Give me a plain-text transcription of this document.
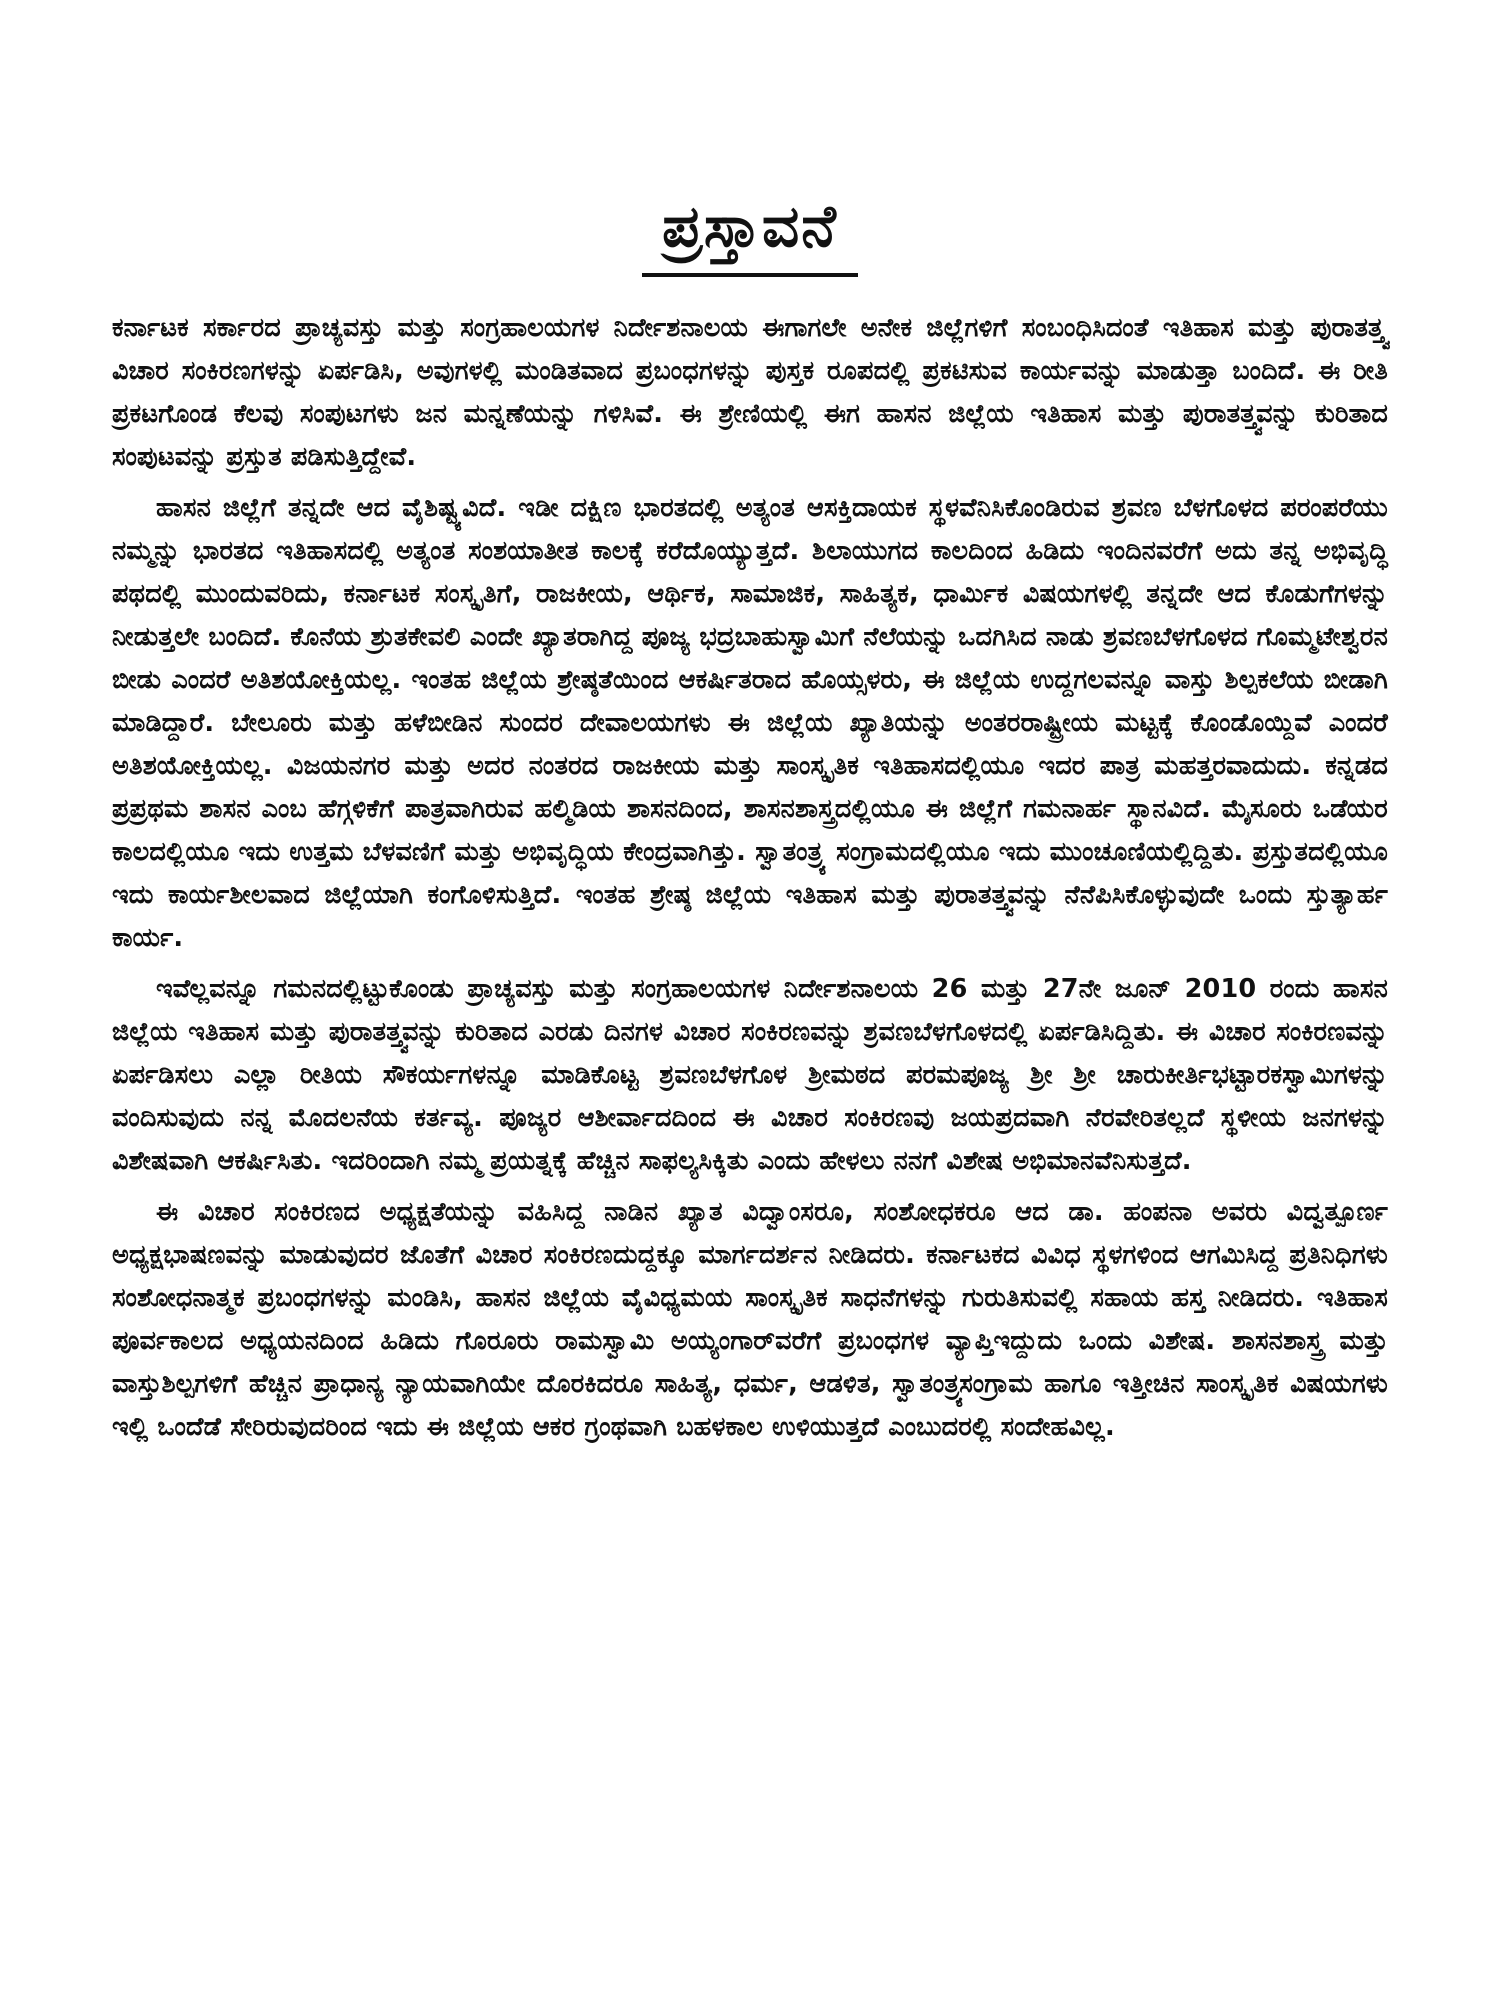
ಪ್ರಸ್ತಾವನೆ

ಕರ್ನಾಟಕ ಸರ್ಕಾರದ ಪ್ರಾಚ್ಯವಸ್ತು ಮತ್ತು ಸಂಗ್ರಹಾಲಯಗಳ ನಿರ್ದೇಶನಾಲಯ ಈಗಾಗಲೇ ಅನೇಕ ಜಿಲ್ಲೆಗಳಿಗೆ ಸಂಬಂಧಿಸಿದಂತೆ ಇತಿಹಾಸ ಮತ್ತು ಪುರಾತತ್ತ್ವ ವಿಚಾರ ಸಂಕಿರಣಗಳನ್ನು ಏರ್ಪಡಿಸಿ, ಅವುಗಳಲ್ಲಿ ಮಂಡಿತವಾದ ಪ್ರಬಂಧಗಳನ್ನು ಪುಸ್ತಕ ರೂಪದಲ್ಲಿ ಪ್ರಕಟಿಸುವ ಕಾರ್ಯವನ್ನು ಮಾಡುತ್ತಾ ಬಂದಿದೆ. ಈ ರೀತಿ ಪ್ರಕಟಗೊಂಡ ಕೆಲವು ಸಂಪುಟಗಳು ಜನ ಮನ್ನಣೆಯನ್ನು ಗಳಿಸಿವೆ. ಈ ಶ್ರೇಣಿಯಲ್ಲಿ ಈಗ ಹಾಸನ ಜಿಲ್ಲೆಯ ಇತಿಹಾಸ ಮತ್ತು ಪುರಾತತ್ತ್ವವನ್ನು ಕುರಿತಾದ ಸಂಪುಟವನ್ನು ಪ್ರಸ್ತುತ ಪಡಿಸುತ್ತಿದ್ದೇವೆ.

ಹಾಸನ ಜಿಲ್ಲೆಗೆ ತನ್ನದೇ ಆದ ವೈಶಿಷ್ಟ್ಯವಿದೆ. ಇಡೀ ದಕ್ಷಿಣ ಭಾರತದಲ್ಲಿ ಅತ್ಯಂತ ಆಸಕ್ತಿದಾಯಕ ಸ್ಥಳವೆನಿಸಿಕೊಂಡಿರುವ ಶ್ರವಣ ಬೆಳಗೊಳದ ಪರಂಪರೆಯು ನಮ್ಮನ್ನು ಭಾರತದ ಇತಿಹಾಸದಲ್ಲಿ ಅತ್ಯಂತ ಸಂಶಯಾತೀತ ಕಾಲಕ್ಕೆ ಕರೆದೊಯ್ಯುತ್ತದೆ. ಶಿಲಾಯುಗದ ಕಾಲದಿಂದ ಹಿಡಿದು ಇಂದಿನವರೆಗೆ ಅದು ತನ್ನ ಅಭಿವೃದ್ಧಿ ಪಥದಲ್ಲಿ ಮುಂದುವರಿದು, ಕರ್ನಾಟಕ ಸಂಸ್ಕೃತಿಗೆ, ರಾಜಕೀಯ, ಆರ್ಥಿಕ, ಸಾಮಾಜಿಕ, ಸಾಹಿತ್ಯಕ, ಧಾರ್ಮಿಕ ವಿಷಯಗಳಲ್ಲಿ ತನ್ನದೇ ಆದ ಕೊಡುಗೆಗಳನ್ನು ನೀಡುತ್ತಲೇ ಬಂದಿದೆ. ಕೊನೆಯ ಶ್ರುತಕೇವಲಿ ಎಂದೇ ಖ್ಯಾತರಾಗಿದ್ದ ಪೂಜ್ಯ ಭದ್ರಬಾಹುಸ್ವಾಮಿಗೆ ನೆಲೆಯನ್ನು ಒದಗಿಸಿದ ನಾಡು ಶ್ರವಣಬೆಳಗೊಳದ ಗೊಮ್ಮಟೇಶ್ವರನ ಬೀಡು ಎಂದರೆ ಅತಿಶಯೋಕ್ತಿಯಲ್ಲ. ಇಂತಹ ಜಿಲ್ಲೆಯ ಶ್ರೇಷ್ಠತೆಯಿಂದ ಆಕರ್ಷಿತರಾದ ಹೊಯ್ಸಳರು, ಈ ಜಿಲ್ಲೆಯ ಉದ್ದಗಲವನ್ನೂ ವಾಸ್ತು ಶಿಲ್ಪಕಲೆಯ ಬೀಡಾಗಿ ಮಾಡಿದ್ದಾರೆ. ಬೇಲೂರು ಮತ್ತು ಹಳೆಬೀಡಿನ ಸುಂದರ ದೇವಾಲಯಗಳು ಈ ಜಿಲ್ಲೆಯ ಖ್ಯಾತಿಯನ್ನು ಅಂತರರಾಷ್ಟ್ರೀಯ ಮಟ್ಟಕ್ಕೆ ಕೊಂಡೊಯ್ದಿವೆ ಎಂದರೆ ಅತಿಶಯೋಕ್ತಿಯಲ್ಲ. ವಿಜಯನಗರ ಮತ್ತು ಅದರ ನಂತರದ ರಾಜಕೀಯ ಮತ್ತು ಸಾಂಸ್ಕೃತಿಕ ಇತಿಹಾಸದಲ್ಲಿಯೂ ಇದರ ಪಾತ್ರ ಮಹತ್ತರವಾದುದು. ಕನ್ನಡದ ಪ್ರಪ್ರಥಮ ಶಾಸನ ಎಂಬ ಹೆಗ್ಗಳಿಕೆಗೆ ಪಾತ್ರವಾಗಿರುವ ಹಲ್ಮಿಡಿಯ ಶಾಸನದಿಂದ, ಶಾಸನಶಾಸ್ತ್ರದಲ್ಲಿಯೂ ಈ ಜಿಲ್ಲೆಗೆ ಗಮನಾರ್ಹ ಸ್ಥಾನವಿದೆ. ಮೈಸೂರು ಒಡೆಯರ ಕಾಲದಲ್ಲಿಯೂ ಇದು ಉತ್ತಮ ಬೆಳವಣಿಗೆ ಮತ್ತು ಅಭಿವೃದ್ಧಿಯ ಕೇಂದ್ರವಾಗಿತ್ತು. ಸ್ವಾತಂತ್ರ್ಯ ಸಂಗ್ರಾಮದಲ್ಲಿಯೂ ಇದು ಮುಂಚೂಣಿಯಲ್ಲಿದ್ದಿತು. ಪ್ರಸ್ತುತದಲ್ಲಿಯೂ ಇದು ಕಾರ್ಯಶೀಲವಾದ ಜಿಲ್ಲೆಯಾಗಿ ಕಂಗೊಳಿಸುತ್ತಿದೆ. ಇಂತಹ ಶ್ರೇಷ್ಠ ಜಿಲ್ಲೆಯ ಇತಿಹಾಸ ಮತ್ತು ಪುರಾತತ್ತ್ವವನ್ನು ನೆನೆಪಿಸಿಕೊಳ್ಳುವುದೇ ಒಂದು ಸ್ತುತ್ಯಾರ್ಹ ಕಾರ್ಯ.

ಇವೆಲ್ಲವನ್ನೂ ಗಮನದಲ್ಲಿಟ್ಟುಕೊಂಡು ಪ್ರಾಚ್ಯವಸ್ತು ಮತ್ತು ಸಂಗ್ರಹಾಲಯಗಳ ನಿರ್ದೇಶನಾಲಯ 26 ಮತ್ತು 27ನೇ ಜೂನ್ 2010 ರಂದು ಹಾಸನ ಜಿಲ್ಲೆಯ ಇತಿಹಾಸ ಮತ್ತು ಪುರಾತತ್ತ್ವವನ್ನು ಕುರಿತಾದ ಎರಡು ದಿನಗಳ ವಿಚಾರ ಸಂಕಿರಣವನ್ನು ಶ್ರವಣಬೆಳಗೊಳದಲ್ಲಿ ಏರ್ಪಡಿಸಿದ್ದಿತು. ಈ ವಿಚಾರ ಸಂಕಿರಣವನ್ನು ಏರ್ಪಡಿಸಲು ಎಲ್ಲಾ ರೀತಿಯ ಸೌಕರ್ಯಗಳನ್ನೂ ಮಾಡಿಕೊಟ್ಟ ಶ್ರವಣಬೆಳಗೊಳ ಶ್ರೀಮಠದ ಪರಮಪೂಜ್ಯ ಶ್ರೀ ಶ್ರೀ ಚಾರುಕೀರ್ತಿಭಟ್ಟಾರಕಸ್ವಾಮಿಗಳನ್ನು ವಂದಿಸುವುದು ನನ್ನ ಮೊದಲನೆಯ ಕರ್ತವ್ಯ. ಪೂಜ್ಯರ ಆಶೀರ್ವಾದದಿಂದ ಈ ವಿಚಾರ ಸಂಕಿರಣವು ಜಯಪ್ರದವಾಗಿ ನೆರವೇರಿತಲ್ಲದೆ ಸ್ಥಳೀಯ ಜನಗಳನ್ನು ವಿಶೇಷವಾಗಿ ಆಕರ್ಷಿಸಿತು. ಇದರಿಂದಾಗಿ ನಮ್ಮ ಪ್ರಯತ್ನಕ್ಕೆ ಹೆಚ್ಚಿನ ಸಾಫಲ್ಯಸಿಕ್ಕಿತು ಎಂದು ಹೇಳಲು ನನಗೆ ವಿಶೇಷ ಅಭಿಮಾನವೆನಿಸುತ್ತದೆ.

ಈ ವಿಚಾರ ಸಂಕಿರಣದ ಅಧ್ಯಕ್ಷತೆಯನ್ನು ವಹಿಸಿದ್ದ ನಾಡಿನ ಖ್ಯಾತ ವಿದ್ವಾಂಸರೂ, ಸಂಶೋಧಕರೂ ಆದ ಡಾ. ಹಂಪನಾ ಅವರು ವಿದ್ವತ್ಪೂರ್ಣ ಅಧ್ಯಕ್ಷಭಾಷಣವನ್ನು ಮಾಡುವುದರ ಜೊತೆಗೆ ವಿಚಾರ ಸಂಕಿರಣದುದ್ದಕ್ಕೂ ಮಾರ್ಗದರ್ಶನ ನೀಡಿದರು. ಕರ್ನಾಟಕದ ವಿವಿಧ ಸ್ಥಳಗಳಿಂದ ಆಗಮಿಸಿದ್ದ ಪ್ರತಿನಿಧಿಗಳು ಸಂಶೋಧನಾತ್ಮಕ ಪ್ರಬಂಧಗಳನ್ನು ಮಂಡಿಸಿ, ಹಾಸನ ಜಿಲ್ಲೆಯ ವೈವಿಧ್ಯಮಯ ಸಾಂಸ್ಕೃತಿಕ ಸಾಧನೆಗಳನ್ನು ಗುರುತಿಸುವಲ್ಲಿ ಸಹಾಯ ಹಸ್ತ ನೀಡಿದರು. ಇತಿಹಾಸ ಪೂರ್ವಕಾಲದ ಅಧ್ಯಯನದಿಂದ ಹಿಡಿದು ಗೊರೂರು ರಾಮಸ್ವಾಮಿ ಅಯ್ಯಂಗಾರ್‌ವರೆಗೆ ಪ್ರಬಂಧಗಳ ವ್ಯಾಪ್ತಿಇದ್ದುದು ಒಂದು ವಿಶೇಷ. ಶಾಸನಶಾಸ್ತ್ರ ಮತ್ತು ವಾಸ್ತುಶಿಲ್ಪಗಳಿಗೆ ಹೆಚ್ಚಿನ ಪ್ರಾಧಾನ್ಯ ನ್ಯಾಯವಾಗಿಯೇ ದೊರಕಿದರೂ ಸಾಹಿತ್ಯ, ಧರ್ಮ, ಆಡಳಿತ, ಸ್ವಾತಂತ್ರ್ಯಸಂಗ್ರಾಮ ಹಾಗೂ ಇತ್ತೀಚಿನ ಸಾಂಸ್ಕೃತಿಕ ವಿಷಯಗಳು ಇಲ್ಲಿ ಒಂದೆಡೆ ಸೇರಿರುವುದರಿಂದ ಇದು ಈ ಜಿಲ್ಲೆಯ ಆಕರ ಗ್ರಂಥವಾಗಿ ಬಹಳಕಾಲ ಉಳಿಯುತ್ತದೆ ಎಂಬುದರಲ್ಲಿ ಸಂದೇಹವಿಲ್ಲ.
